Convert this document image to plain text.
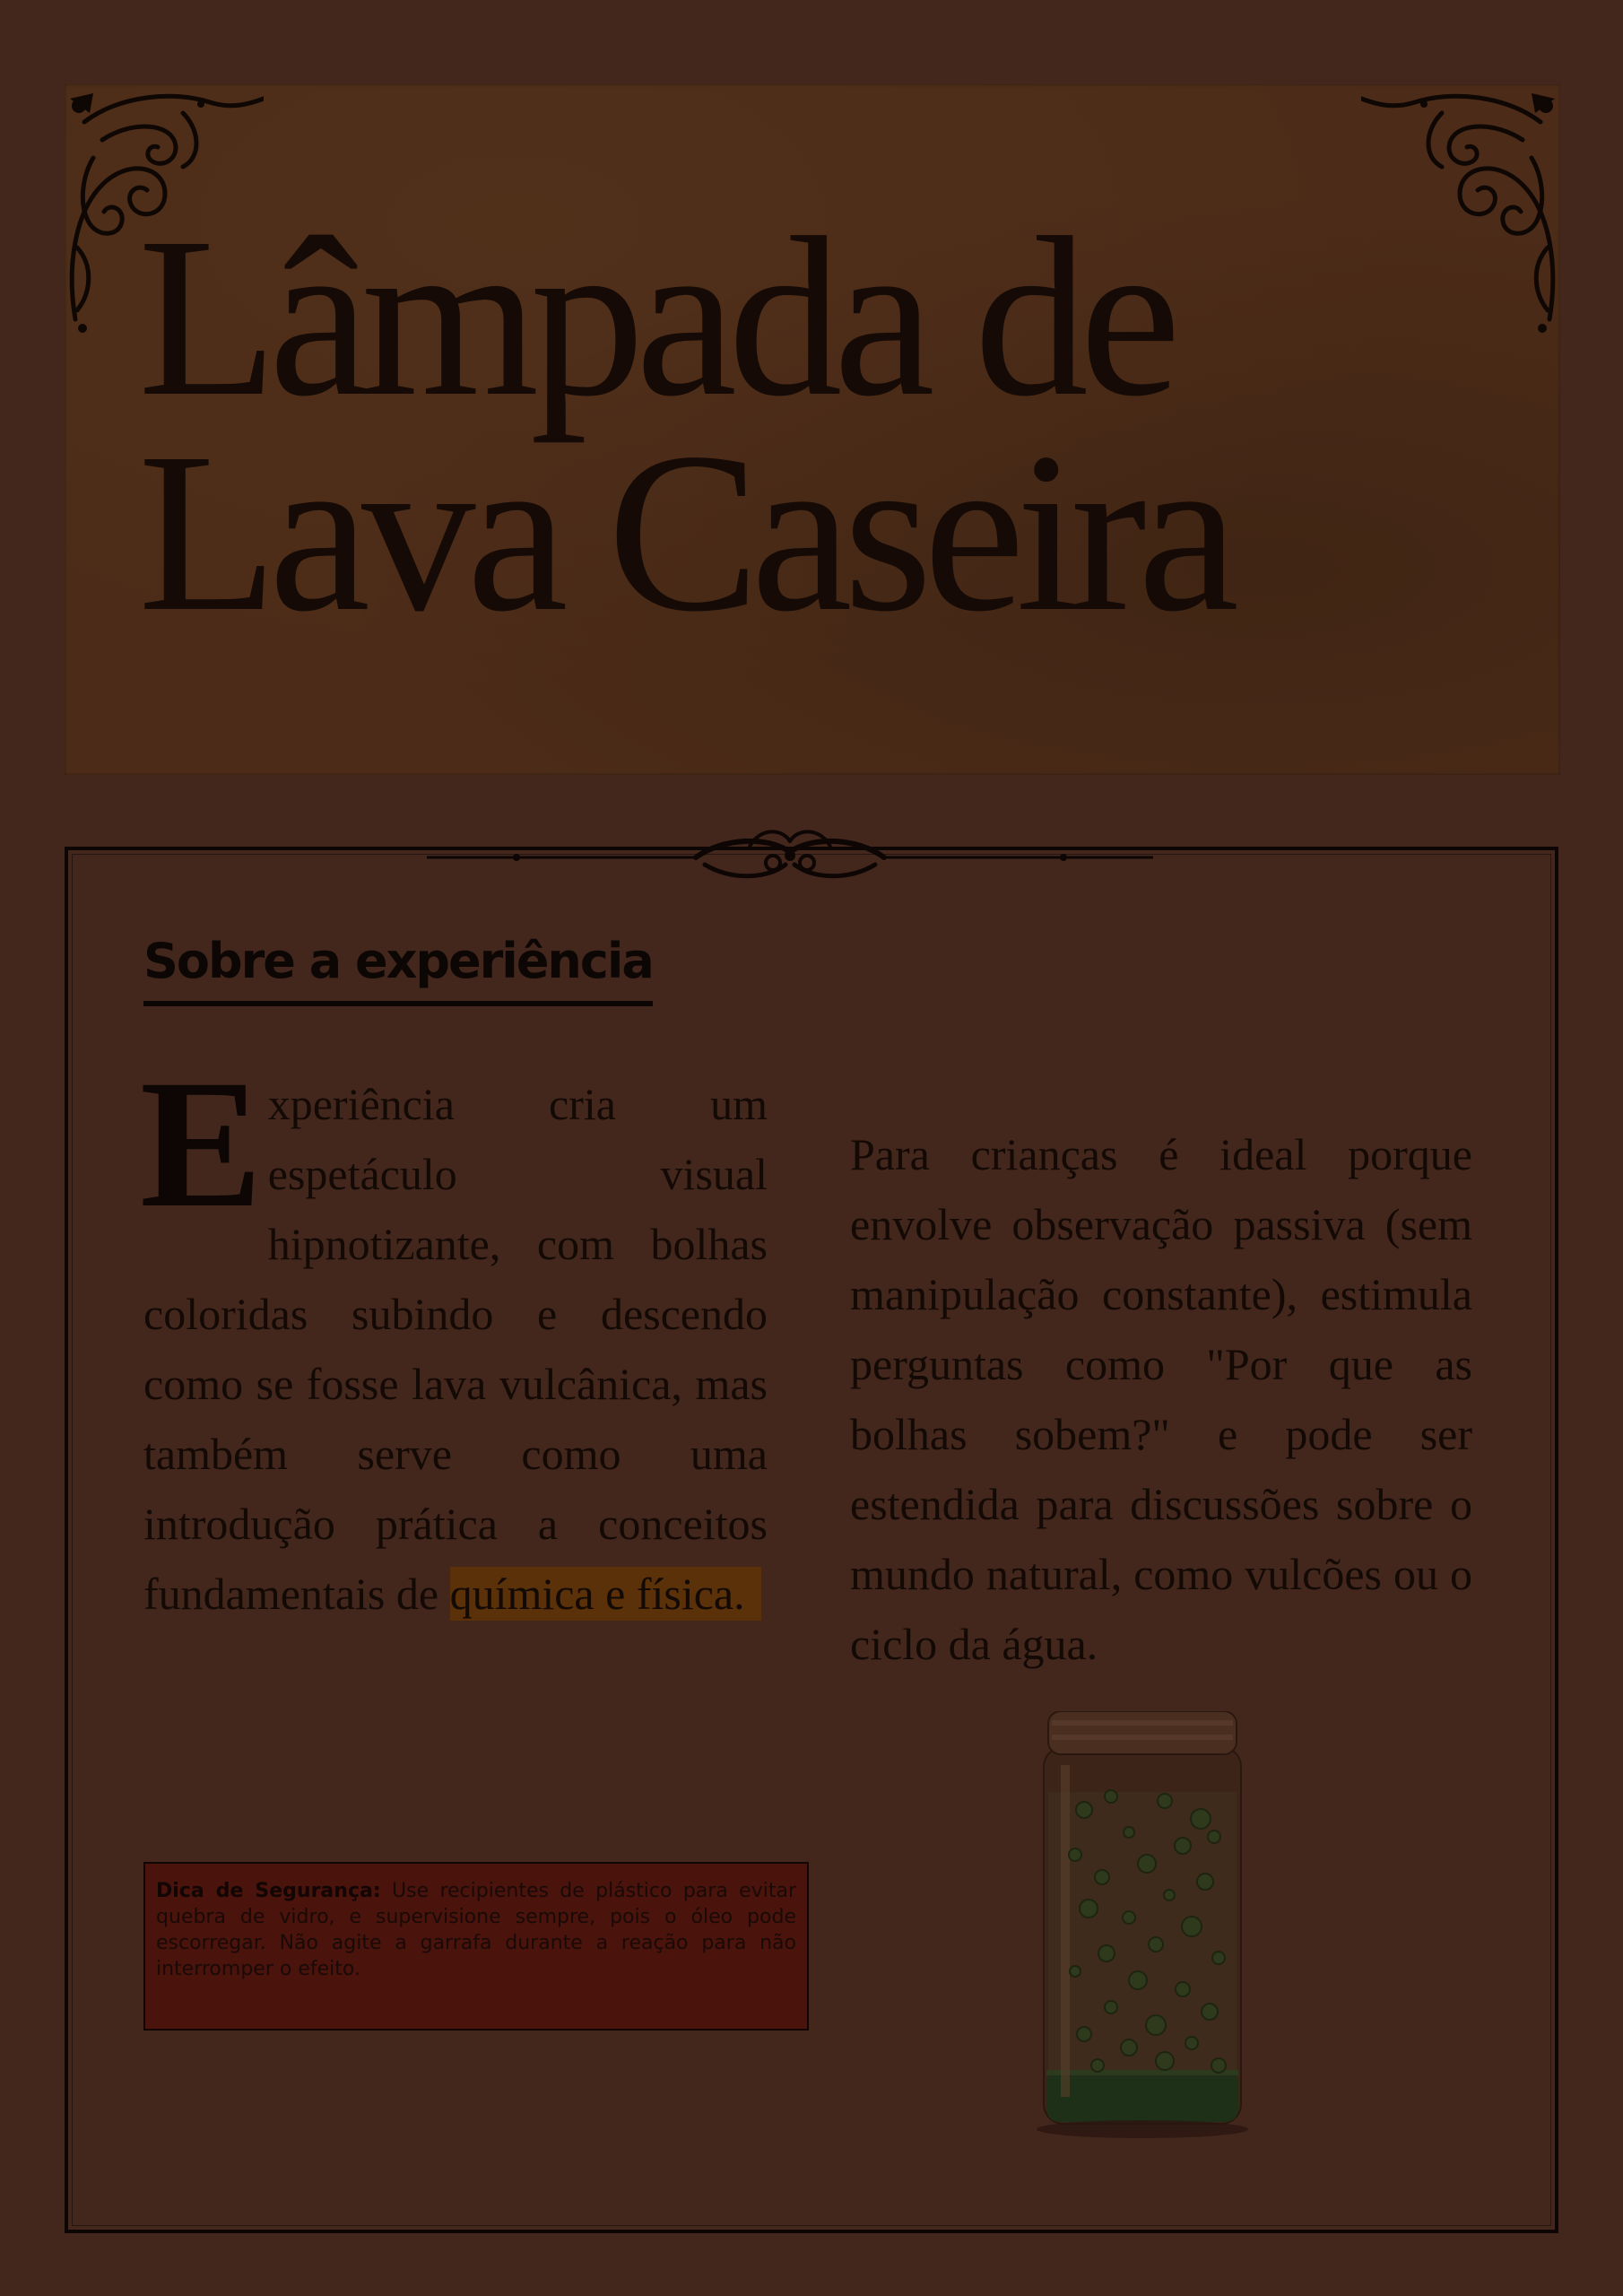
Lâmpada de
Lava Caseira
Sobre a experiência
Experiência cria um espetáculo visual hipnotizante, com bolhas coloridas subindo e descendo como se fosse lava vulcânica, mas também serve como uma introdução prática a conceitos fundamentais de química e física.
Para crianças é ideal porque envolve observação passiva (sem manipulação constante), estimula perguntas como "Por que as bolhas sobem?" e pode ser estendida para discussões sobre o mundo natural, como vulcões ou o ciclo da água.
Dica de Segurança: Use recipientes de plástico para evitar quebra de vidro, e supervisione sempre, pois o óleo pode escorregar. Não agite a garrafa durante a reação para não interromper o efeito.
